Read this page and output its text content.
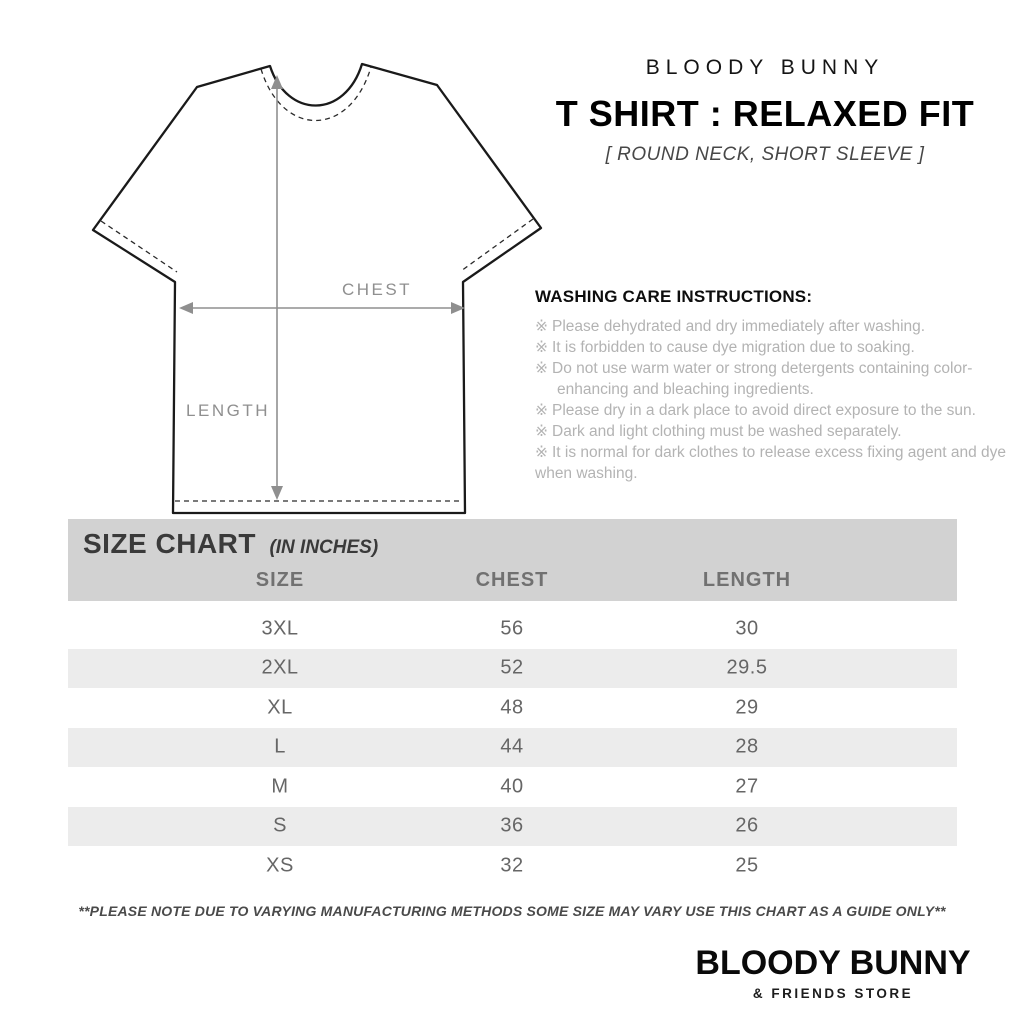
CHEST
LENGTH
BLOODY BUNNY
T SHIRT : RELAXED FIT
[ ROUND NECK, SHORT SLEEVE ]
WASHING CARE INSTRUCTIONS:
※ Please dehydrated and dry immediately after washing.
※ It is forbidden to cause dye migration due to soaking.
※ Do not use warm water or strong detergents containing color-enhancing and bleaching ingredients.
※ Please dry in a dark place to avoid direct exposure to the sun.
※ Dark and light clothing must be washed separately.
※ It is normal for dark clothes to release excess fixing agent and dye when washing.
SIZE CHART (IN INCHES)
SIZE	CHEST	LENGTH
3XL	56	30
2XL	52	29.5
XL	48	29
L	44	28
M	40	27
S	36	26
XS	32	25
**PLEASE NOTE DUE TO VARYING MANUFACTURING METHODS SOME SIZE MAY VARY USE THIS CHART AS A GUIDE ONLY**
BLOODY BUNNY
& FRIENDS STORE
